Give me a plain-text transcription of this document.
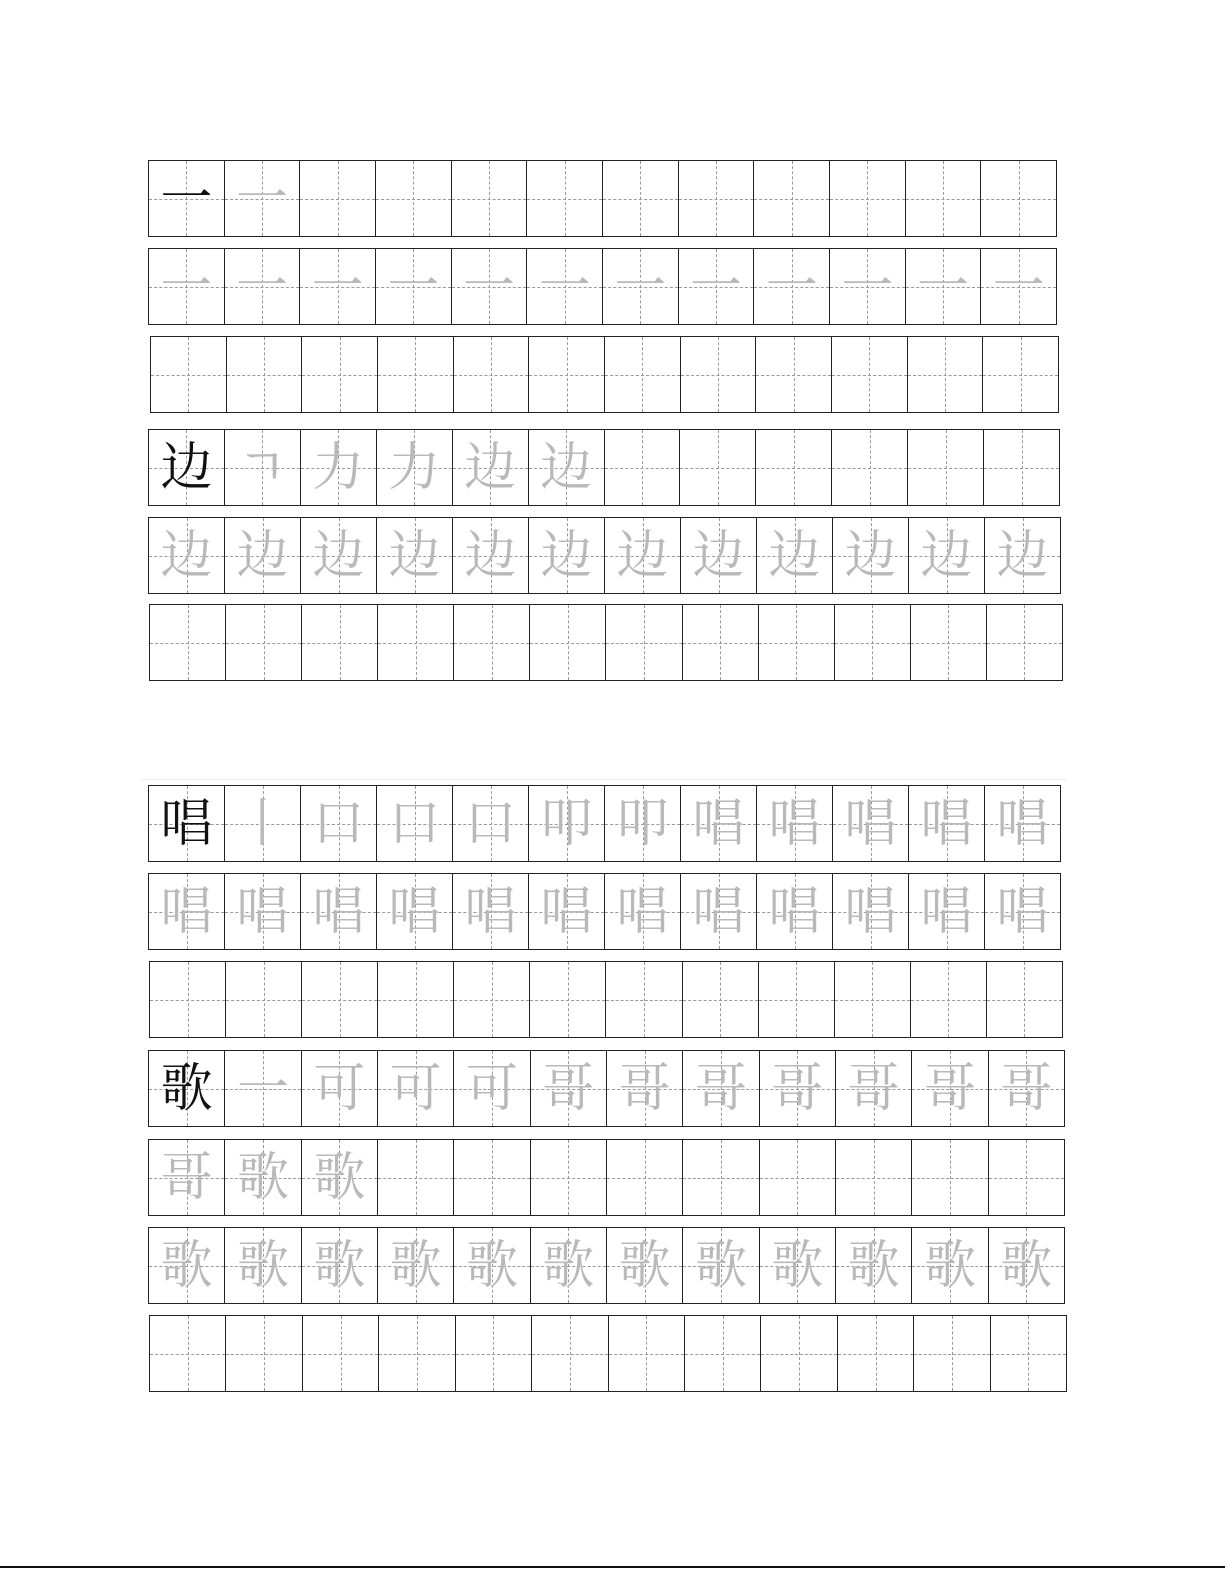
一 一
一 一 一 一 一 一 一 一 一 一 一 一
边 ㄱ 力 力 边 边
边 边 边 边 边 边 边 边 边 边 边 边
唱 丨 口 口 口 叩 叩 唱 唱 唱 唱 唱
唱 唱 唱 唱 唱 唱 唱 唱 唱 唱 唱 唱
歌 一 可 可 可 哥 哥 哥 哥 哥 哥 哥
哥 歌 歌
歌 歌 歌 歌 歌 歌 歌 歌 歌 歌 歌 歌
